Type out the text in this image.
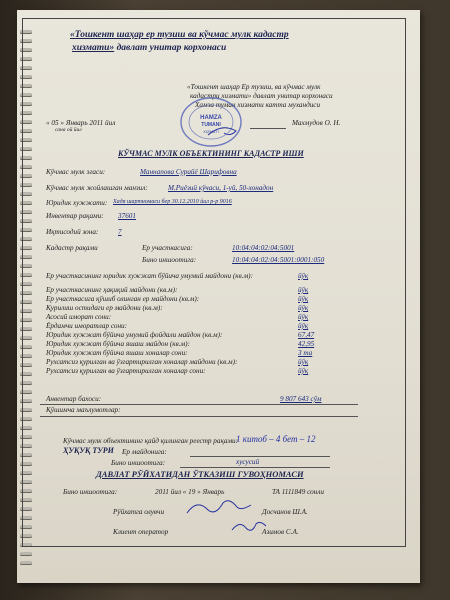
«Тошкент шаҳар ер тузиш ва кўчмас мулк кадастр
хизмати» давлат унитар корхонаси
«Тошкент шаҳар Ер тузиш, ва кўчмас мулк
кадастри хизмати» давлат унитар корхонаси
Хамза туман хизмати катта мухандиси
« 05 » Январь 2011 йил
сана ой йил
Махмудов О. Н.
HAMZA
TUMANI
XIZMATI
КЎЧМАС МУЛК ОБЪЕКТИНИНГ КАДАСТР ИШИ
Кўчмас мулк эгаси:	Маннапова Сурайё Шарифовна
Кўчмас мулк жойлашган манзил:	М.Риёзий кўчаси, 1-уй, 50-хонадон
Юридик хужжати: Хадя шартномаси бер 30.12.2010 йил р-р 9016
Инвентар рақами: 37601
Иқтисодий зона:	7
Кадастр рақами	Ер участкасига:	10:04:04:02:04:5001
Бино иншоотига:	10:04:04:02:04:5001:0001:050
Ер участкасининг юридик хужжат бўйича умумий майдони (кв.м):	йўқ
Ер участкасининг ҳақиқий майдони (кв.м):	йўқ
Ер участкасига қўшиб олинган ер майдони (кв.м):	йўқ
Қурилиш остидаги ер майдони (кв.м):	йўқ
Асосий иморат сони:	йўқ
Ёрдамчи иморатлар сони:	йўқ
Юридик хужжат бўйича умумий фойдали майдон (кв.м):	67,47
Юридик хужжат бўйича яшаш майдон (кв.м):	42,95
Юридик хужжат бўйича яшаш хоналар сони:	3 та
Рухсатсиз қурилган ва ўзгартирилган хоналар майдони (кв.м):	йўқ
Рухсатсиз қурилган ва ўзгартирилган хоналар сони:	йўқ
Анвентар бахоси:	9 807 643 сўм
Қўшимча маълумотлар:
Кўчмас мулк объектининг қайд қилинган реестр рақами:
1 китоб – 4 бет – 12
ҲУҚУҚ ТУРИ Ер майдонига:
Бино иншоотига:	хусусий
ДАВЛАТ РЎЙХАТИДАН ЎТКАЗИШ ГУВОҲНОМАСИ
Бино иншоотига:	2011 йил « 19 » Январь	ТА 1111849 сонли
Рўйхатга олувчи	Досчанов Ш.А.
Клиент оператор	Азимов С.А.
